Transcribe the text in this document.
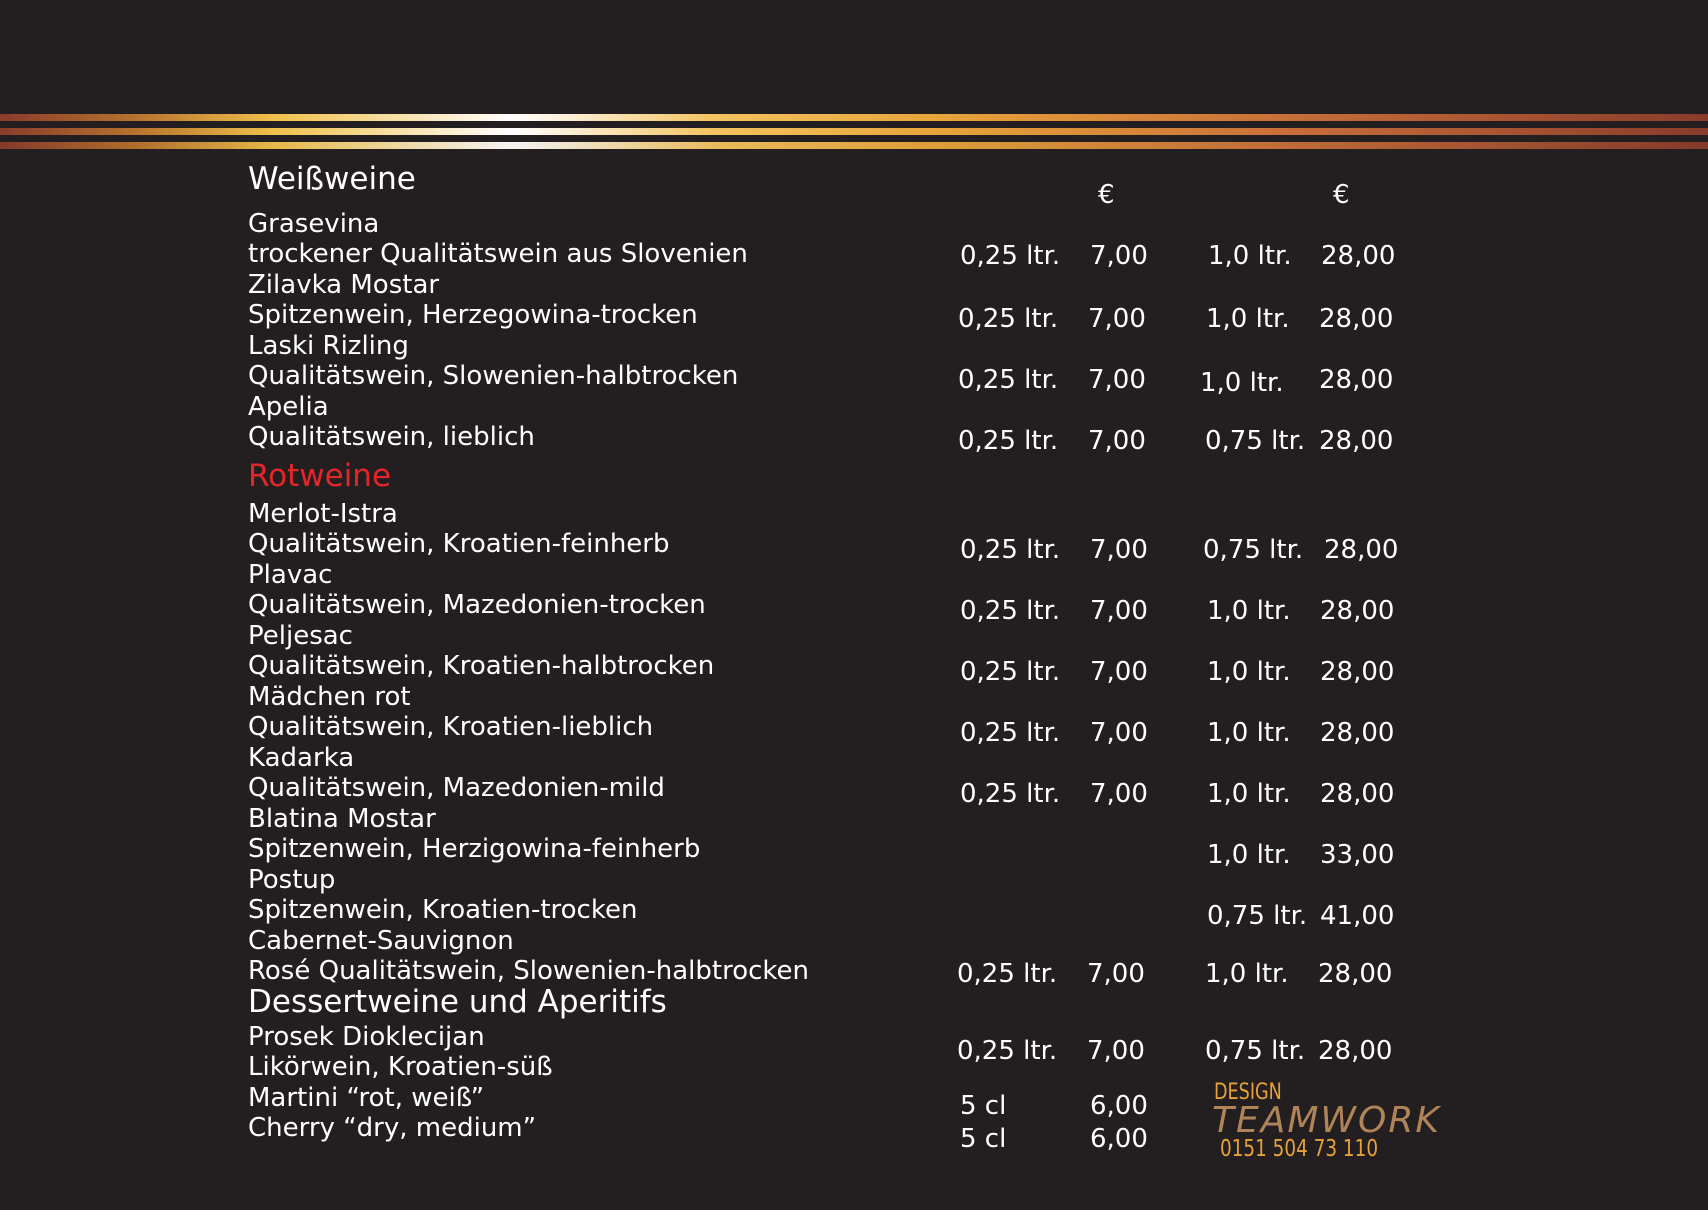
Weißweine	€	€
Grasevina
trockener Qualitätswein aus Slovenien	0,25 ltr. 7,00 1,0 ltr. 28,00
Zilavka Mostar
Spitzenwein, Herzegowina-trocken	0,25 ltr. 7,00 1,0 ltr. 28,00
Laski Rizling
Qualitätswein, Slowenien-halbtrocken	0,25 ltr. 7,00 1,0 ltr. 28,00
Apelia
Qualitätswein, lieblich	0,25 ltr. 7,00 0,75 ltr. 28,00
Rotweine
Merlot-Istra
Qualitätswein, Kroatien-feinherb	0,25 ltr. 7,00 0,75 ltr. 28,00
Plavac
Qualitätswein, Mazedonien-trocken	0,25 ltr. 7,00 1,0 ltr. 28,00
Peljesac
Qualitätswein, Kroatien-halbtrocken	0,25 ltr. 7,00 1,0 ltr. 28,00
Mädchen rot
Qualitätswein, Kroatien-lieblich	0,25 ltr. 7,00 1,0 ltr. 28,00
Kadarka
Qualitätswein, Mazedonien-mild	0,25 ltr. 7,00 1,0 ltr. 28,00
Blatina Mostar
Spitzenwein, Herzigowina-feinherb	1,0 ltr. 33,00
Postup
Spitzenwein, Kroatien-trocken	0,75 ltr. 41,00
Cabernet-Sauvignon
Rosé Qualitätswein, Slowenien-halbtrocken	0,25 ltr. 7,00 1,0 ltr. 28,00
Dessertweine und Aperitifs
Prosek Dioklecijan
Likörwein, Kroatien-süß
0,25 ltr. 7,00 0,75 ltr. 28,00
Martini “rot, weiß”	5 cl	6,00
Cherry “dry, medium”	5 cl	6,00
DESIGN
TEAMWORK
0151 504 73 110
